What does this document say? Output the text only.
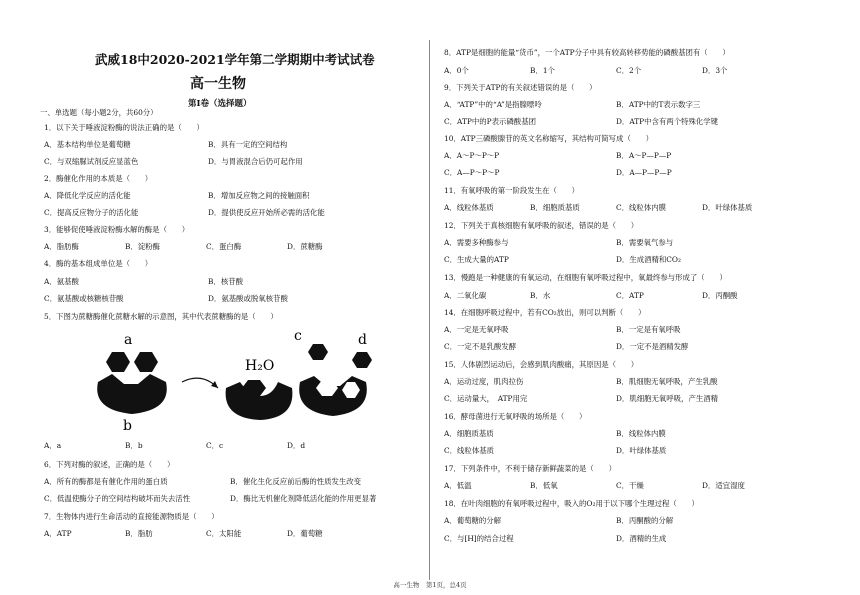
武威18中2020-2021学年第二学期期中考试试卷
高一生物
第Ⅰ卷（选择题）
一、单选题（每小题2分，共60分）
1．以下关于唾液淀粉酶的说法正确的是（　　）
A．基本结构单位是葡萄糖	B．具有一定的空间结构
C．与双缩脲试剂反应显蓝色	D．与胃液混合后仍可起作用
2．酶催化作用的本质是（　　）
A．降低化学反应的活化能	B．增加反应物之间的接触面积
C．提高反应物分子的活化能	D．提供使反应开始所必需的活化能
3．能够促使唾液淀粉酶水解的酶是（　　）
A．脂肪酶	B．淀粉酶	C．蛋白酶	D．蔗糖酶
4．酶的基本组成单位是（　　）
A．氨基酸	B．核苷酸
C．氨基酸或核糖核苷酸	D．氨基酸或脱氧核苷酸
5．下图为蔗糖酶催化蔗糖水解的示意图，其中代表蔗糖酶的是（　　）
a
b
H₂O
c	d
A．a	B．b	C．c	D．d
6．下列对酶的叙述，正确的是（　　）
A．所有的酶都是有催化作用的蛋白质	B．催化生化反应前后酶的性质发生改变
C．低温使酶分子的空间结构破坏而失去活性	D．酶比无机催化剂降低活化能的作用更显著
7．生物体内进行生命活动的直接能源物质是（　　）
A．ATP	B．脂肪	C．太阳能	D．葡萄糖
8．ATP是细胞的能量“货币”，一个ATP分子中具有较高转移势能的磷酸基团有（　　）
A．0个	B．1个	C．2个	D．3个
9．下列关于ATP的有关叙述错误的是（　　）
A．“ATP”中的“A”是指腺嘌呤	B．ATP中的T表示数字三
C．ATP中的P表示磷酸基团	D．ATP中含有两个特殊化学键
10．ATP三磷酸腺苷的英文名称缩写，其结构可简写成（　　）
A．A～P～P～P	B．A～P—P—P
C．A—P～P～P	D．A—P—P—P
11．有氧呼吸的第一阶段发生在（　　）
A．线粒体基质	B．细胞质基质	C．线粒体内膜	D．叶绿体基质
12．下列关于真核细胞有氧呼吸的叙述，错误的是（　　）
A．需要多种酶参与	B．需要氧气参与
C．生成大量的ATP	D．生成酒精和CO₂
13．慢跑是一种健康的有氧运动，在细胞有氧呼吸过程中，氧最终参与形成了（　　）
A．二氧化碳	B．水	C．ATP	D．丙酮酸
14．在细胞呼吸过程中，若有CO₂放出，则可以判断（　　）
A．一定是无氧呼吸	B．一定是有氧呼吸
C．一定不是乳酸发酵	D．一定不是酒精发酵
15．人体剧烈运动后，会感到肌肉酸痛，其原因是（　　）
A．运动过度，肌肉拉伤	B．肌细胞无氧呼吸，产生乳酸
C．运动量大，　ATP用完	D．肌细胞无氧呼吸，产生酒精
16．酵母菌进行无氧呼吸的场所是（　　）
A．细胞质基质	B．线粒体内膜
C．线粒体基质	D．叶绿体基质
17．下列条件中，不利于储存新鲜蔬菜的是（　　）
A．低温	B．低氧	C．干燥	D．适宜湿度
18．在叶肉细胞的有氧呼吸过程中，吸入的O₂用于以下哪个生理过程（　　）
A．葡萄糖的分解	B．丙酮酸的分解
C．与[H]的结合过程	D．酒精的生成
高一生物　第1页，总4页
